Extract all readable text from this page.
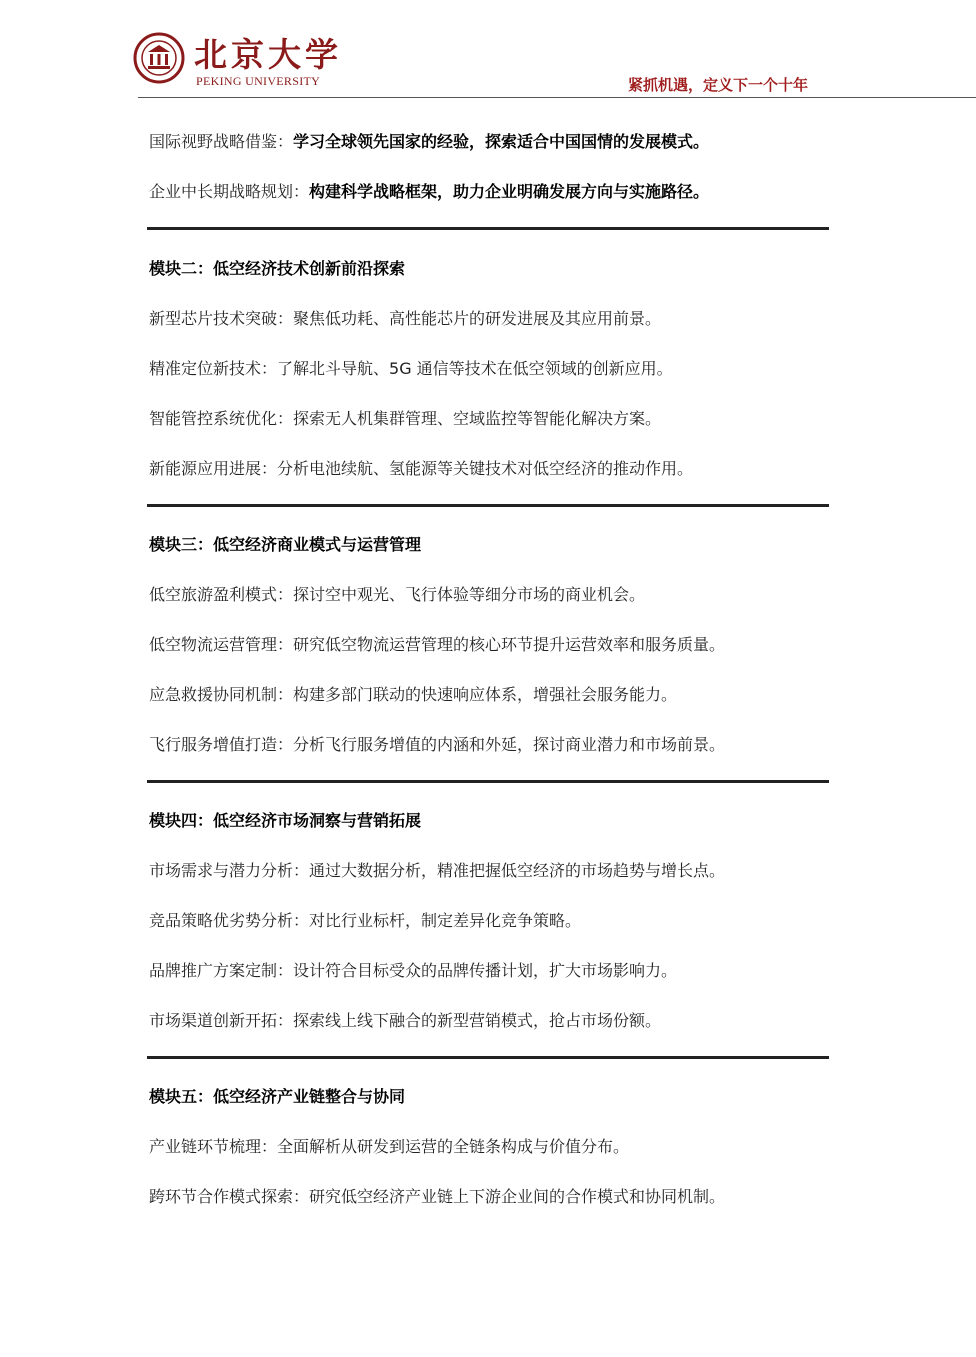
北京大学
PEKING UNIVERSITY	紧抓机遇，定义下一个十年
国际视野战略借鉴：学习全球领先国家的经验，探索适合中国国情的发展模式。
企业中长期战略规划：构建科学战略框架，助力企业明确发展方向与实施路径。
模块二：低空经济技术创新前沿探索
新型芯片技术突破：聚焦低功耗、高性能芯片的研发进展及其应用前景。
精准定位新技术：了解北斗导航、5G 通信等技术在低空领域的创新应用。
智能管控系统优化：探索无人机集群管理、空域监控等智能化解决方案。
新能源应用进展：分析电池续航、氢能源等关键技术对低空经济的推动作用。
模块三：低空经济商业模式与运营管理
低空旅游盈利模式：探讨空中观光、飞行体验等细分市场的商业机会。
低空物流运营管理：研究低空物流运营管理的核心环节提升运营效率和服务质量。
应急救援协同机制：构建多部门联动的快速响应体系，增强社会服务能力。
飞行服务增值打造：分析飞行服务增值的内涵和外延，探讨商业潜力和市场前景。
模块四：低空经济市场洞察与营销拓展
市场需求与潜力分析：通过大数据分析，精准把握低空经济的市场趋势与增长点。
竞品策略优劣势分析：对比行业标杆，制定差异化竞争策略。
品牌推广方案定制：设计符合目标受众的品牌传播计划，扩大市场影响力。
市场渠道创新开拓：探索线上线下融合的新型营销模式，抢占市场份额。
模块五：低空经济产业链整合与协同
产业链环节梳理：全面解析从研发到运营的全链条构成与价值分布。
跨环节合作模式探索：研究低空经济产业链上下游企业间的合作模式和协同机制。
